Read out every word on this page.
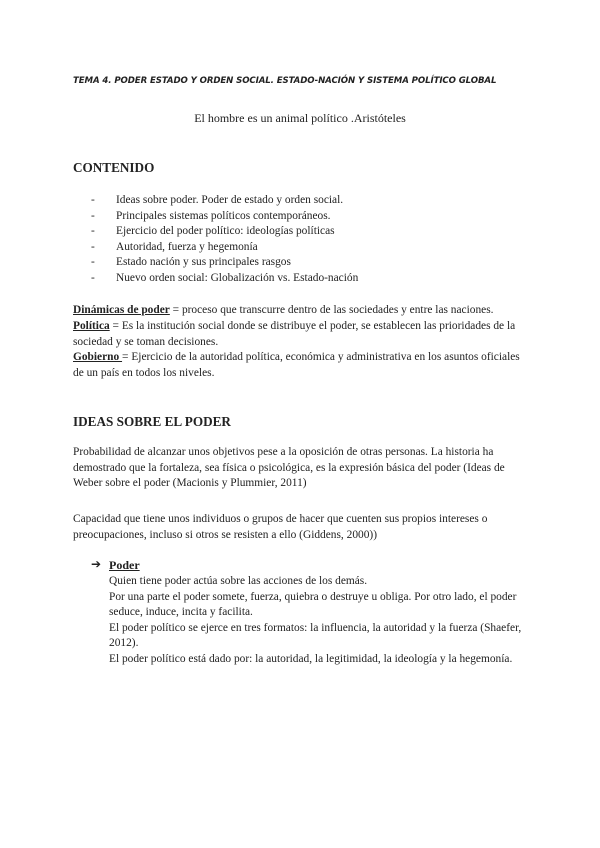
TEMA 4. PODER ESTADO Y ORDEN SOCIAL. ESTADO-NACIÓN Y SISTEMA POLÍTICO GLOBAL
El hombre es un animal político .Aristóteles
CONTENIDO
- Ideas sobre poder. Poder de estado y orden social.
- Principales sistemas políticos contemporáneos.
- Ejercicio del poder político: ideologías políticas
- Autoridad, fuerza y hegemonía
- Estado nación y sus principales rasgos
- Nuevo orden social: Globalización vs. Estado-nación
Dinámicas de poder = proceso que transcurre dentro de las sociedades y entre las naciones.
Política = Es la institución social donde se distribuye el poder, se establecen las prioridades de la sociedad y se toman decisiones.
Gobierno = Ejercicio de la autoridad política, económica y administrativa en los asuntos oficiales de un país en todos los niveles.
IDEAS SOBRE EL PODER
Probabilidad de alcanzar unos objetivos pese a la oposición de otras personas. La historia ha demostrado que la fortaleza, sea física o psicológica, es la expresión básica del poder (Ideas de Weber sobre el poder (Macionis y Plummier, 2011)
Capacidad que tiene unos individuos o grupos de hacer que cuenten sus propios intereses o preocupaciones, incluso si otros se resisten a ello (Giddens, 2000))
➔ Poder
Quien tiene poder actúa sobre las acciones de los demás.
Por una parte el poder somete, fuerza, quiebra o destruye u obliga. Por otro lado, el poder seduce, induce, incita y facilita.
El poder político se ejerce en tres formatos: la influencia, la autoridad y la fuerza (Shaefer, 2012).
El poder político está dado por: la autoridad, la legitimidad, la ideología y la hegemonía.
